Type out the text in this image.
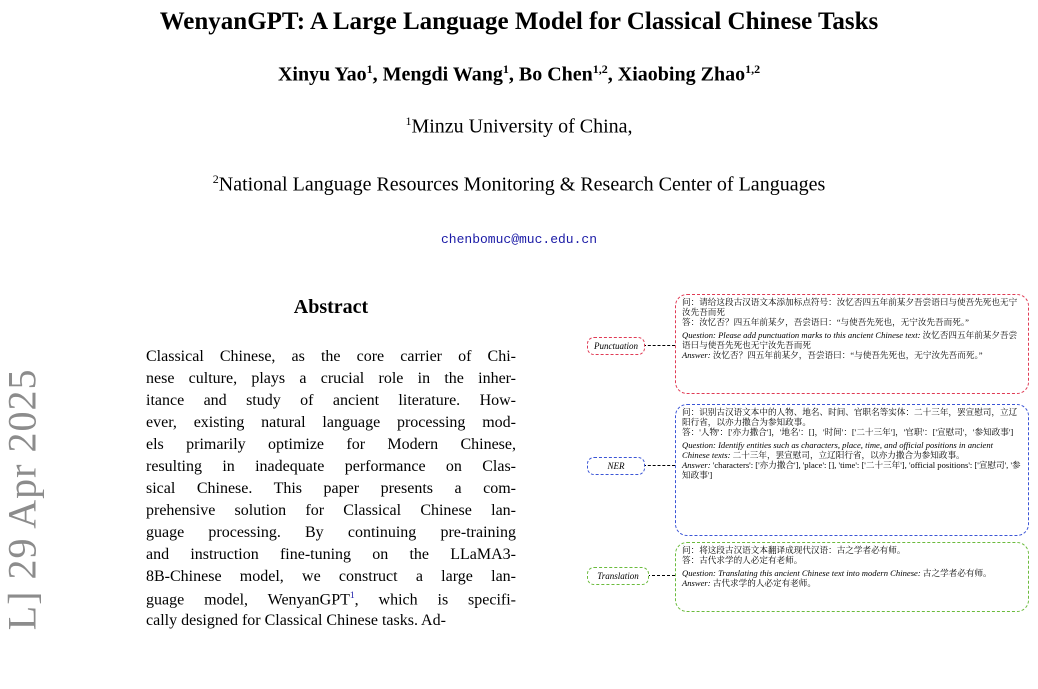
WenyanGPT: A Large Language Model for Classical Chinese Tasks
Xinyu Yao$^1$, Mengdi Wang$^1$, Bo Chen$^{1,2}$, Xiaobing Zhao$^{1,2}$
$^1$Minzu University of China,
$^2$National Language Resources Monitoring & Research Center of Languages
chenbomuc@muc.edu.cn
L] 29 Apr 2025
Abstract
Classical Chinese, as the core carrier of Chi-
nese culture, plays a crucial role in the inher-
itance and study of ancient literature. How-
ever, existing natural language processing mod-
els primarily optimize for Modern Chinese,
resulting in inadequate performance on Clas-
sical Chinese. This paper presents a com-
prehensive solution for Classical Chinese lan-
guage processing. By continuing pre-training
and instruction fine-tuning on the LLaMA3-
8B-Chinese model, we construct a large lan-
guage model, WenyanGPT$^1$, which is specifi-
cally designed for Classical Chinese tasks. Ad-

问：请给这段古汉语文本添加标点符号：汝忆否四五年前某夕吾尝语曰与使吾先死也无宁汝先吾而死

答：汝忆否？四五年前某夕，吾尝语曰：“与使吾先死也，无宁汝先吾而死。”

Question: Please add punctuation marks to this ancient Chinese text: 汝忆否四五年前某夕吾尝语曰与使吾先死也无宁汝先吾而死

Answer: 汝忆否？四五年前某夕，吾尝语曰：“与使吾先死也，无宁汝先吾而死。”

Punctuation

问：识别古汉语文本中的人物、地名、时间、官职名等实体：二十三年，罢宣慰司，立辽阳行省，以亦力撒合为参知政事。

答：'人物'：['亦力撒合']，'地名'：[]，'时间'：['二十三年']，'官职'：['宣慰司'，'参知政事']

Question: Identify entities such as characters, place, time, and official positions in ancient Chinese texts: 二十三年，罢宣慰司，立辽阳行省，以亦力撒合为参知政事。

Answer: 'characters': ['亦力撒合'], 'place': [], 'time': ['二十三年'], 'official positions': ['宣慰司', '参知政事']

NER

问：将这段古汉语文本翻译成现代汉语：古之学者必有师。

答：古代求学的人必定有老师。

Question: Translating this ancient Chinese text into modern Chinese: 古之学者必有师。

Answer: 古代求学的人必定有老师。

Translation
